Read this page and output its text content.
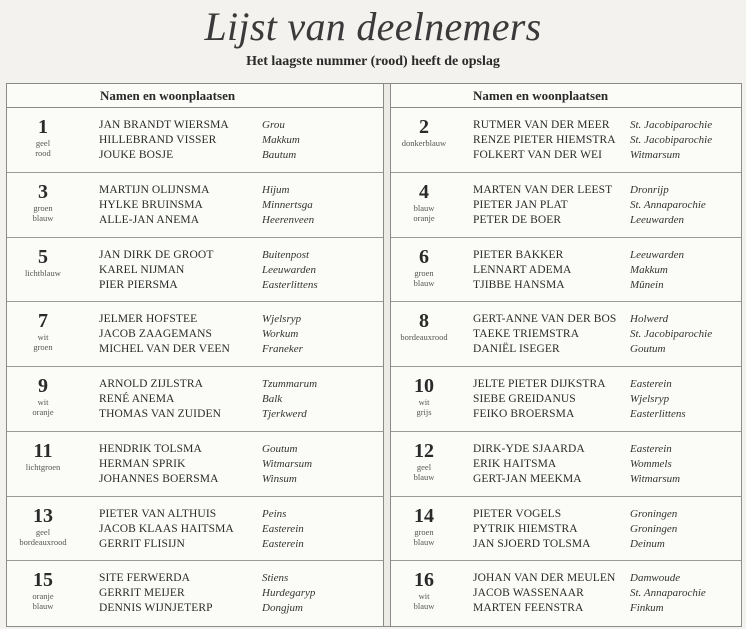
Lijst van deelnemers
Het laagste nummer (rood) heeft de opslag
Namen en woonplaatsen
1
geel
rood
JAN BRANDT WIERSMA	Grou
HILLEBRAND VISSER	Makkum
JOUKE BOSJE	Bautum
3
groen
blauw
MARTIJN OLIJNSMA	Hijum
HYLKE BRUINSMA	Minnertsga
ALLE-JAN ANEMA	Heerenveen
5
lichtblauw
JAN DIRK DE GROOT	Buitenpost
KAREL NIJMAN	Leeuwarden
PIER PIERSMA	Easterlittens
7
wit
groen
JELMER HOFSTEE	Wjelsryp
JACOB ZAAGEMANS	Workum
MICHEL VAN DER VEEN	Franeker
9
wit
oranje
ARNOLD ZIJLSTRA	Tzummarum
RENÉ ANEMA	Balk
THOMAS VAN ZUIDEN	Tjerkwerd
11
lichtgroen
HENDRIK TOLSMA	Goutum
HERMAN SPRIK	Witmarsum
JOHANNES BOERSMA	Winsum
13
geel
bordeauxrood
PIETER VAN ALTHUIS	Peins
JACOB KLAAS HAITSMA	Easterein
GERRIT FLISIJN	Easterein
15
oranje
blauw
SITE FERWERDA	Stiens
GERRIT MEIJER	Hurdegaryp
DENNIS WIJNJETERP	Dongjum
Namen en woonplaatsen
2
donkerblauw
RUTMER VAN DER MEER St. Jacobiparochie
RENZE PIETER HIEMSTRA St. Jacobiparochie
FOLKERT VAN DER WEI	Witmarsum
4
blauw
oranje
MARTEN VAN DER LEEST Dronrijp
PIETER JAN PLAT	St. Annaparochie
PETER DE BOER	Leeuwarden
6
groen
blauw
PIETER BAKKER	Leeuwarden
LENNART ADEMA	Makkum
TJIBBE HANSMA	Mûnein
8
bordeauxrood
GERT-ANNE VAN DER BOS Holwerd
TAEKE TRIEMSTRA	St. Jacobiparochie
DANIËL ISEGER	Goutum
10
wit
grijs
JELTE PIETER DIJKSTRA Easterein
SIEBE GREIDANUS	Wjelsryp
FEIKO BROERSMA	Easterlittens
12
geel
blauw
DIRK-YDE SJAARDA	Easterein
ERIK HAITSMA	Wommels
GERT-JAN MEEKMA	Witmarsum
14
groen
blauw
PIETER VOGELS	Groningen
PYTRIK HIEMSTRA	Groningen
JAN SJOERD TOLSMA	Deinum
16
wit
blauw
JOHAN VAN DER MEULEN Damwoude
JACOB WASSENAAR	St. Annaparochie
MARTEN FEENSTRA	Finkum
